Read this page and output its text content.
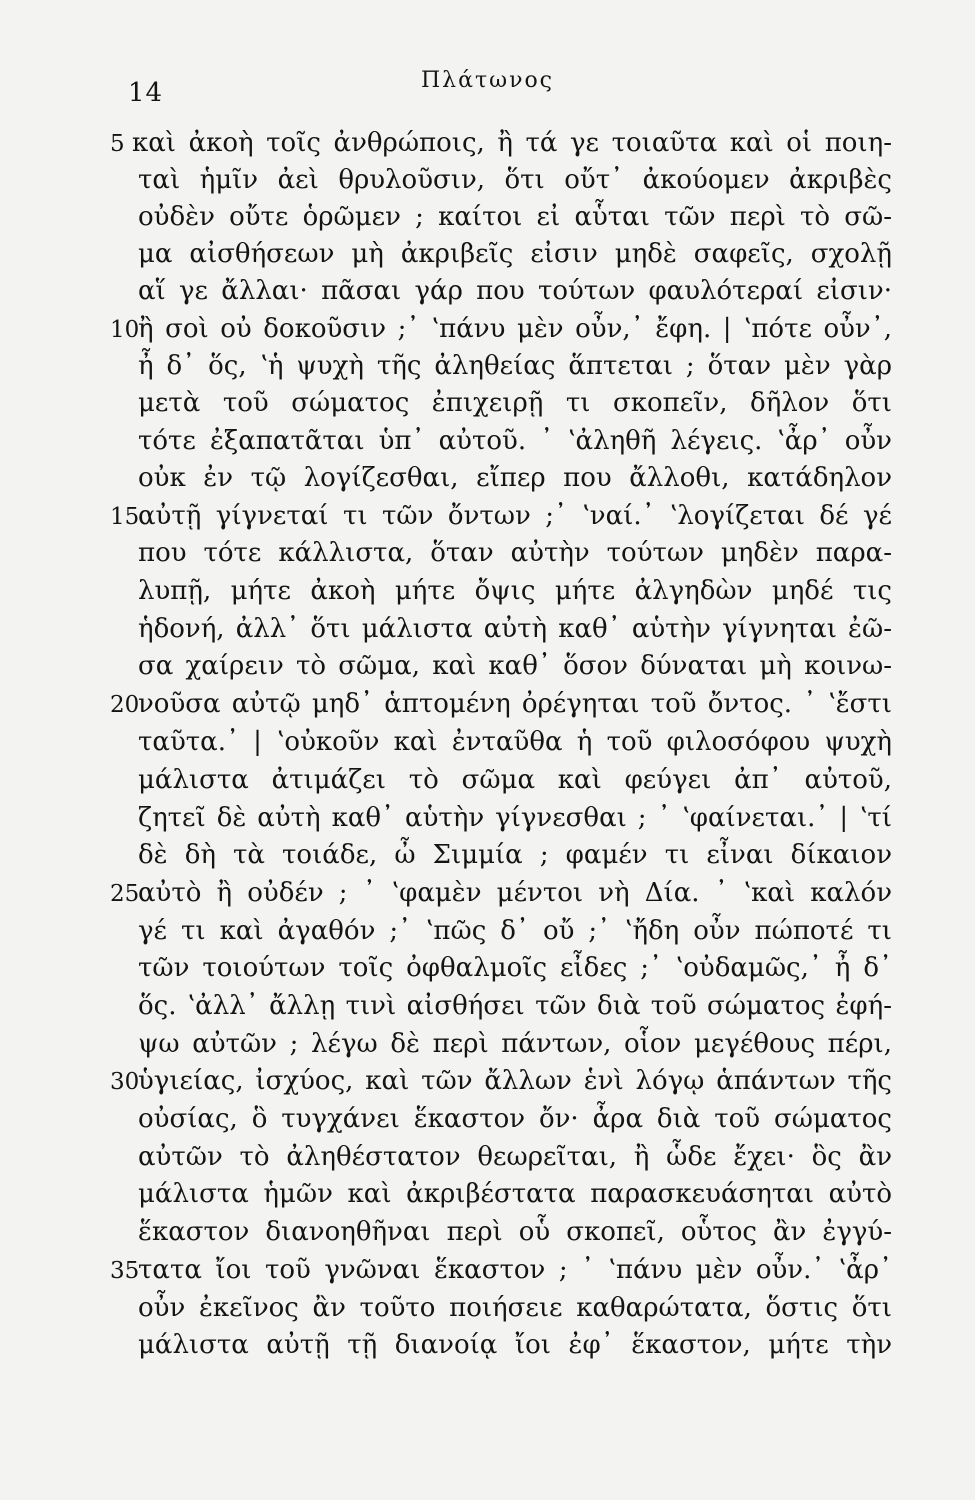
14	Πλάτωνος
5 καὶ ἀκοὴ τοῖς ἀνθρώποις, ἢ τά γε τοιαῦτα καὶ οἱ ποιη-
ταὶ ἡμῖν ἀεὶ θρυλοῦσιν, ὅτι οὔτ᾽ ἀκούομεν ἀκριβὲς
οὐδὲν οὔτε ὁρῶμεν ; καίτοι εἰ αὗται τῶν περὶ τὸ σῶ-
μα αἰσθήσεων μὴ ἀκριβεῖς εἰσιν μηδὲ σαφεῖς, σχολῇ
αἵ γε ἄλλαι· πᾶσαι γάρ που τούτων φαυλότεραί εἰσιν·
10
ἢ σοὶ οὐ δοκοῦσιν ;᾽ ʽπάνυ μὲν οὖν,᾽ ἔφη. | ʽπότε οὖν᾽,
ἦ δ᾽ ὅς, ʽἡ ψυχὴ τῆς ἀληθείας ἅπτεται ; ὅταν μὲν γὰρ
μετὰ τοῦ σώματος ἐπιχειρῇ τι σκοπεῖν, δῆλον ὅτι
τότε ἐξαπατᾶται ὑπ᾽ αὐτοῦ. ᾽ ʽἀληθῆ λέγεις. ʽἆρ᾽ οὖν
οὐκ ἐν τῷ λογίζεσθαι, εἴπερ που ἄλλοθι, κατάδηλον
15
αὐτῇ γίγνεταί τι τῶν ὄντων ;᾽ ʽναί.᾽ ʽλογίζεται δέ γέ
που τότε κάλλιστα, ὅταν αὐτὴν τούτων μηδὲν παρα-
λυπῇ, μήτε ἀκοὴ μήτε ὄψις μήτε ἀλγηδὼν μηδέ τις
ἡδονή, ἀλλ᾽ ὅτι μάλιστα αὐτὴ καθ᾽ αὑτὴν γίγνηται ἐῶ-
σα χαίρειν τὸ σῶμα, καὶ καθ᾽ ὅσον δύναται μὴ κοινω-
20
νοῦσα αὐτῷ μηδ᾽ ἁπτομένη ὀρέγηται τοῦ ὄντος. ᾽ ʽἔστι
ταῦτα.᾽ | ʽοὐκοῦν καὶ ἐνταῦθα ἡ τοῦ φιλοσόφου ψυχὴ
μάλιστα ἀτιμάζει τὸ σῶμα καὶ φεύγει ἀπ᾽ αὐτοῦ,
ζητεῖ δὲ αὐτὴ καθ᾽ αὑτὴν γίγνεσθαι ; ᾽ ʽφαίνεται.᾽ | ʽτί
δὲ δὴ τὰ τοιάδε, ὦ Σιμμία ; φαμέν τι εἶναι δίκαιον
25
αὐτὸ ἢ οὐδέν ; ᾽ ʽφαμὲν μέντοι νὴ Δία. ᾽ ʽκαὶ καλόν
γέ τι καὶ ἀγαθόν ;᾽ ʽπῶς δ᾽ οὔ ;᾽ ʽἤδη οὖν πώποτέ τι
τῶν τοιούτων τοῖς ὀφθαλμοῖς εἶδες ;᾽ ʽοὐδαμῶς,᾽ ἦ δ᾽
ὅς. ʽἀλλ᾽ ἄλλῃ τινὶ αἰσθήσει τῶν διὰ τοῦ σώματος ἐφή-
ψω αὐτῶν ; λέγω δὲ περὶ πάντων, οἷον μεγέθους πέρι,
30
ὑγιείας, ἰσχύος, καὶ τῶν ἄλλων ἑνὶ λόγῳ ἁπάντων τῆς
οὐσίας, ὃ τυγχάνει ἕκαστον ὄν· ἆρα διὰ τοῦ σώματος
αὐτῶν τὸ ἀληθέστατον θεωρεῖται, ἢ ὧδε ἔχει· ὃς ἂν
μάλιστα ἡμῶν καὶ ἀκριβέστατα παρασκευάσηται αὐτὸ
ἕκαστον διανοηθῆναι περὶ οὗ σκοπεῖ, οὗτος ἂν ἐγγύ-
35
τατα ἴοι τοῦ γνῶναι ἕκαστον ; ᾽ ʽπάνυ μὲν οὖν.᾽ ʽἆρ᾽
οὖν ἐκεῖνος ἂν τοῦτο ποιήσειε καθαρώτατα, ὅστις ὅτι
μάλιστα αὐτῇ τῇ διανοίᾳ ἴοι ἐφ᾽ ἕκαστον, μήτε τὴν
